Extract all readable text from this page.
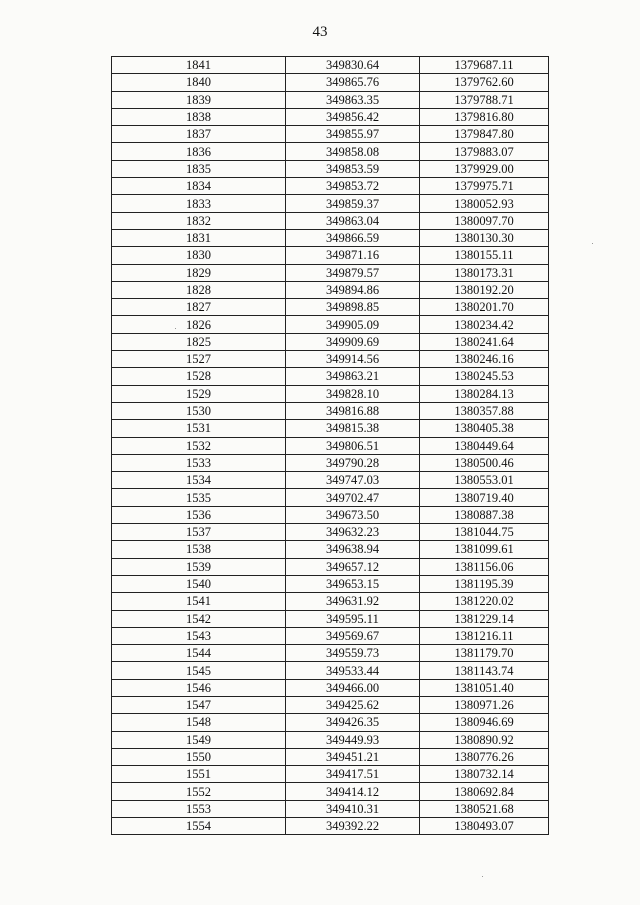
43
1841	349830.64	1379687.11
1840	349865.76	1379762.60
1839	349863.35	1379788.71
1838	349856.42	1379816.80
1837	349855.97	1379847.80
1836	349858.08	1379883.07
1835	349853.59	1379929.00
1834	349853.72	1379975.71
1833	349859.37	1380052.93
1832	349863.04	1380097.70
1831	349866.59	1380130.30
1830	349871.16	1380155.11
1829	349879.57	1380173.31
1828	349894.86	1380192.20
1827	349898.85	1380201.70
1826	349905.09	1380234.42
1825	349909.69	1380241.64
1527	349914.56	1380246.16
1528	349863.21	1380245.53
1529	349828.10	1380284.13
1530	349816.88	1380357.88
1531	349815.38	1380405.38
1532	349806.51	1380449.64
1533	349790.28	1380500.46
1534	349747.03	1380553.01
1535	349702.47	1380719.40
1536	349673.50	1380887.38
1537	349632.23	1381044.75
1538	349638.94	1381099.61
1539	349657.12	1381156.06
1540	349653.15	1381195.39
1541	349631.92	1381220.02
1542	349595.11	1381229.14
1543	349569.67	1381216.11
1544	349559.73	1381179.70
1545	349533.44	1381143.74
1546	349466.00	1381051.40
1547	349425.62	1380971.26
1548	349426.35	1380946.69
1549	349449.93	1380890.92
1550	349451.21	1380776.26
1551	349417.51	1380732.14
1552	349414.12	1380692.84
1553	349410.31	1380521.68
1554	349392.22	1380493.07
